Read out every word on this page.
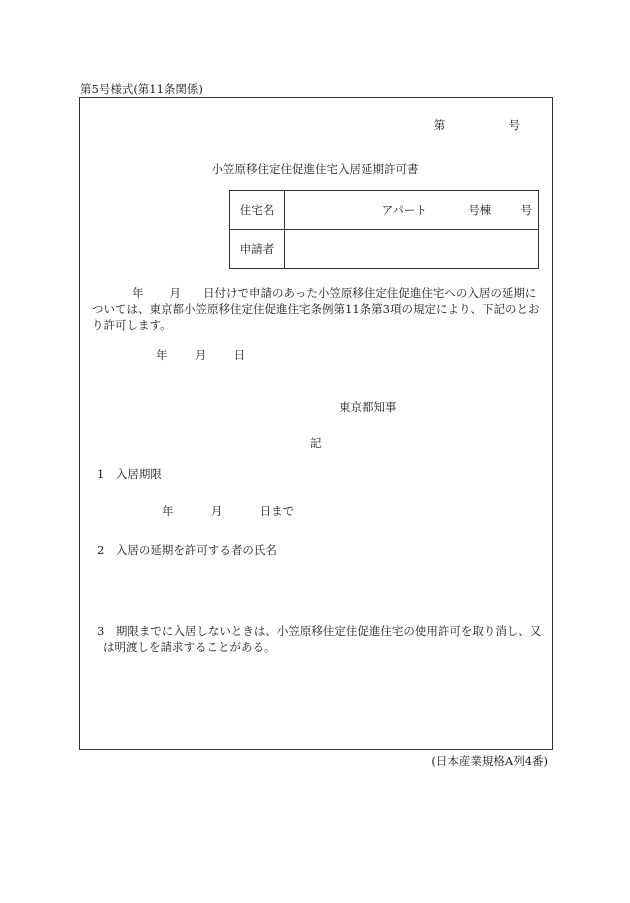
第5号様式(第11条関係)
第	号
小笠原移住定住促進住宅入居延期許可書
住宅名	アパート 号棟 号
申請者	
年 月 日付けで申請のあった小笠原移住定住促進住宅への入居の延期に
ついては、東京都小笠原移住定住促進住宅条例第11条第3項の規定により、下記のとお
り許可します。
年 月 日
東京都知事
記
1　入居期限
年	月	日まで
2　入居の延期を許可する者の氏名
3　期限までに入居しないときは、小笠原移住定住促進住宅の使用許可を取り消し、又
は明渡しを請求することがある。
(日本産業規格A列4番)
